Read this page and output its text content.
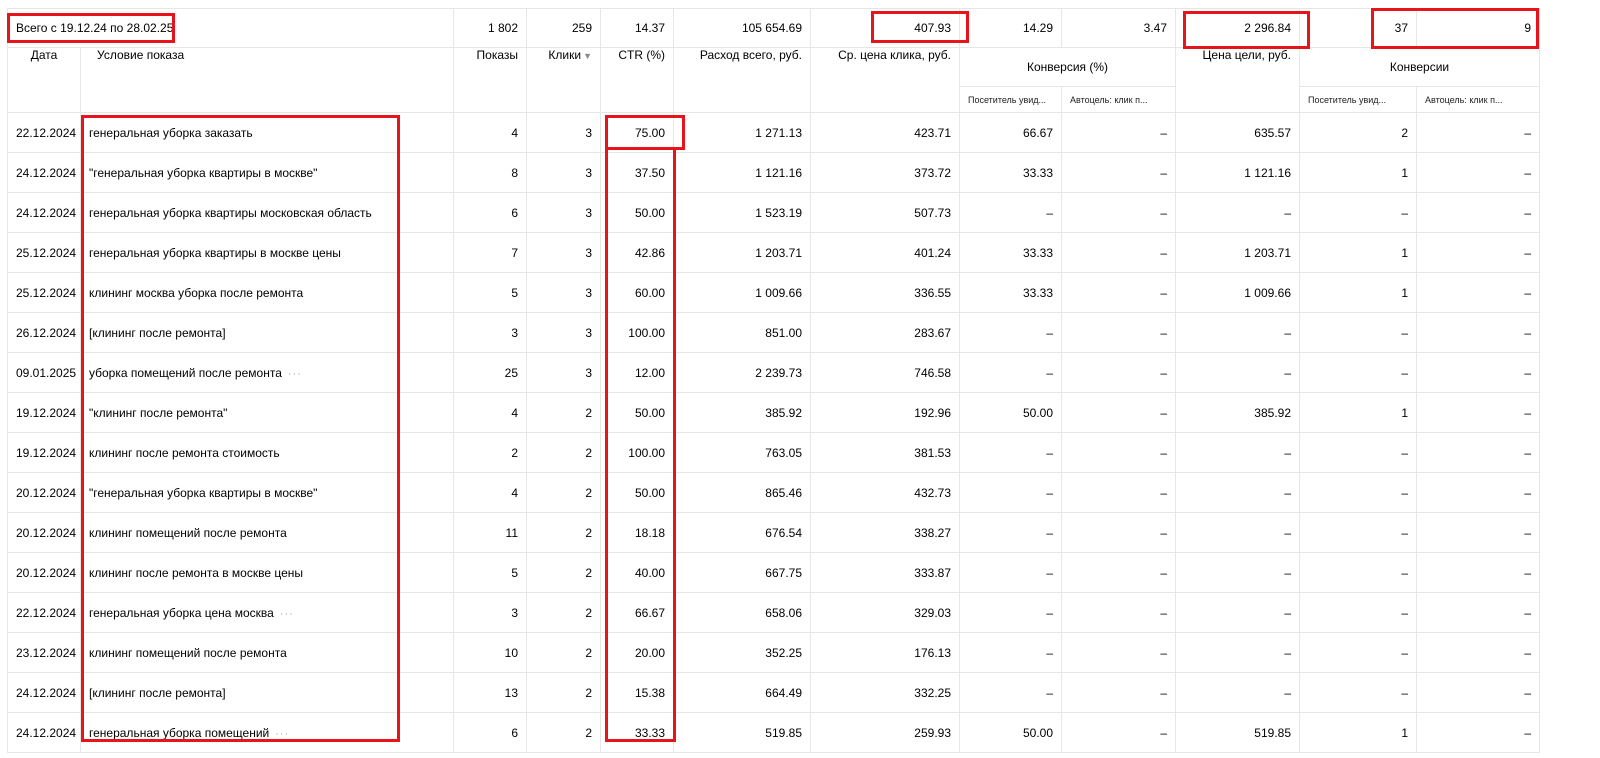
Всего с 19.12.24 по 28.02.25		1 802	259	14.37	105 654.69	407.93	14.29	3.47	2 296.84	37	9
Дата	Условие показа	Показы	Клики ▼	CTR (%)	Расход всего, руб.	Ср. цена клика, руб.	Конверсия (%)		Цена цели, руб.	Конверсии	
							Посетитель увид...	Автоцель: клик п...		Посетитель увид...	Автоцель: клик п...
22.12.2024	генеральная уборка заказать	4	3	75.00	1 271.13	423.71	66.67	–	635.57	2	–
24.12.2024	"генеральная уборка квартиры в москве"	8	3	37.50	1 121.16	373.72	33.33	–	1 121.16	1	–
24.12.2024	генеральная уборка квартиры московская область	6	3	50.00	1 523.19	507.73	–	–	–	–	–
25.12.2024	генеральная уборка квартиры в москве цены	7	3	42.86	1 203.71	401.24	33.33	–	1 203.71	1	–
25.12.2024	клининг москва уборка после ремонта	5	3	60.00	1 009.66	336.55	33.33	–	1 009.66	1	–
26.12.2024	[клининг после ремонта]	3	3	100.00	851.00	283.67	–	–	–	–	–
09.01.2025	уборка помещений после ремонта ···	25	3	12.00	2 239.73	746.58	–	–	–	–	–
19.12.2024	"клининг после ремонта"	4	2	50.00	385.92	192.96	50.00	–	385.92	1	–
19.12.2024	клининг после ремонта стоимость	2	2	100.00	763.05	381.53	–	–	–	–	–
20.12.2024	"генеральная уборка квартиры в москве"	4	2	50.00	865.46	432.73	–	–	–	–	–
20.12.2024	клининг помещений после ремонта	11	2	18.18	676.54	338.27	–	–	–	–	–
20.12.2024	клининг после ремонта в москве цены	5	2	40.00	667.75	333.87	–	–	–	–	–
22.12.2024	генеральная уборка цена москва ···	3	2	66.67	658.06	329.03	–	–	–	–	–
23.12.2024	клининг помещений после ремонта	10	2	20.00	352.25	176.13	–	–	–	–	–
24.12.2024	[клининг после ремонта]	13	2	15.38	664.49	332.25	–	–	–	–	–
24.12.2024	генеральная уборка помещений ···	6	2	33.33	519.85	259.93	50.00	–	519.85	1	–
